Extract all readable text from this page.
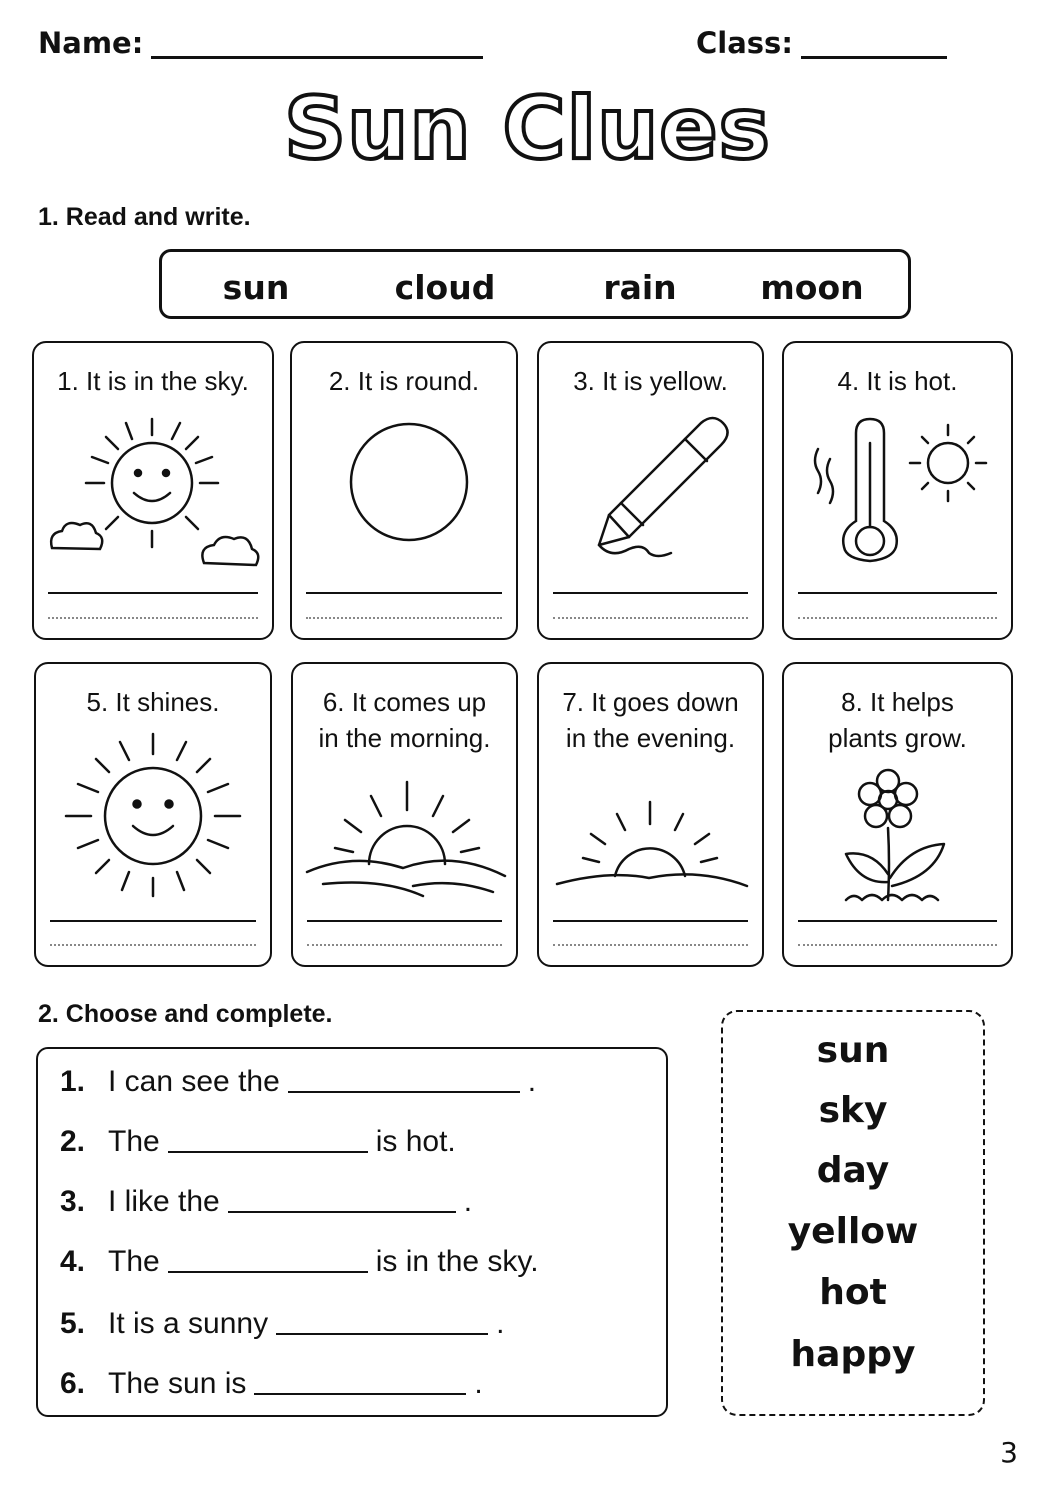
Name:	Class:
Sun Clues
1. Read and write.
sun	cloud	rain	moon
1. It is in the sky.	2. It is round.	3. It is yellow.	4. It is hot.
5. It shines.	6. It comes up
in the morning.
7. It goes down
in the evening.
8. It helps
plants grow.
2. Choose and complete.
1. I can see the	.
2. The	is hot.
3. I like the	.
4. The	is in the sky.
5. It is a sunny	.
6. The sun is	.
sun
sky
day
yellow
hot
happy
3
